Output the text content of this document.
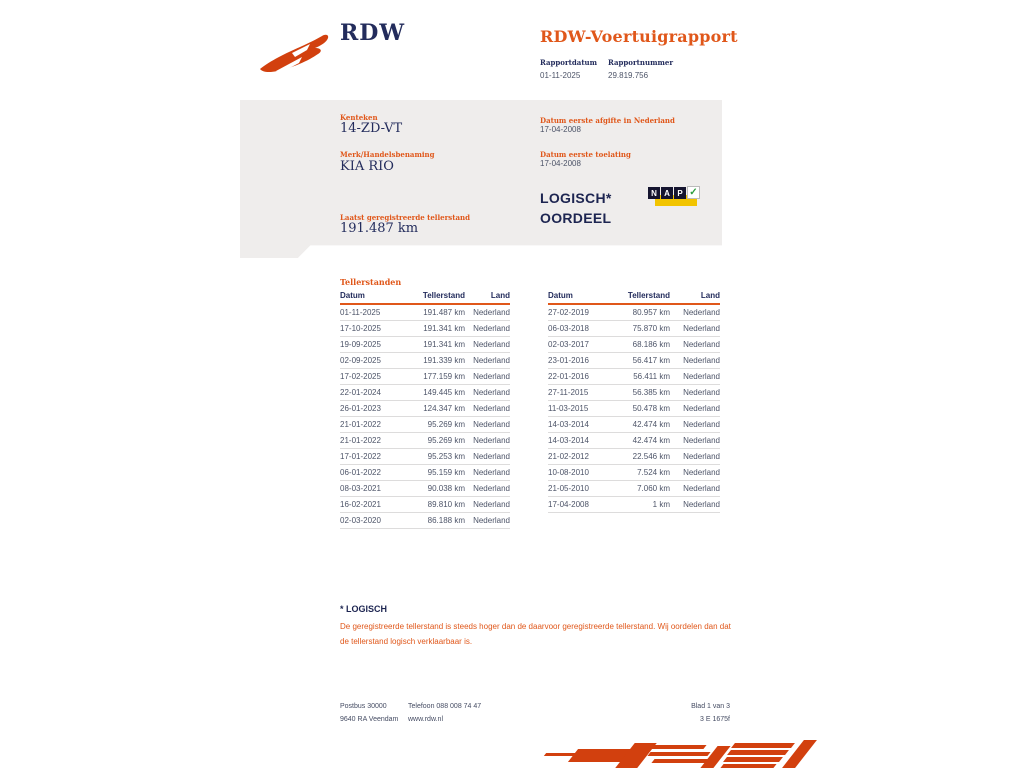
RDW	RDW-Voertuigrapport
Rapportdatum
01-11-2025
Rapportnummer
29.819.756
Kenteken
14-ZD-VT
Merk/Handelsbenaming
KIA RIO
Laatst geregistreerde tellerstand
191.487 km
Datum eerste afgifte in Nederland
17-04-2008
Datum eerste toelating
17-04-2008
LOGISCH*
OORDEEL
N A P ✓
Tellerstanden
Datum	Tellerstand	Land
01-11-2025	191.487 km	Nederland
17-10-2025	191.341 km	Nederland
19-09-2025	191.341 km	Nederland
02-09-2025	191.339 km	Nederland
17-02-2025	177.159 km	Nederland
22-01-2024	149.445 km	Nederland
26-01-2023	124.347 km	Nederland
21-01-2022	95.269 km	Nederland
21-01-2022	95.269 km	Nederland
17-01-2022	95.253 km	Nederland
06-01-2022	95.159 km	Nederland
08-03-2021	90.038 km	Nederland
16-02-2021	89.810 km	Nederland
02-03-2020	86.188 km	Nederland
Datum	Tellerstand	Land
27-02-2019	80.957 km	Nederland
06-03-2018	75.870 km	Nederland
02-03-2017	68.186 km	Nederland
23-01-2016	56.417 km	Nederland
22-01-2016	56.411 km	Nederland
27-11-2015	56.385 km	Nederland
11-03-2015	50.478 km	Nederland
14-03-2014	42.474 km	Nederland
14-03-2014	42.474 km	Nederland
21-02-2012	22.546 km	Nederland
10-08-2010	7.524 km	Nederland
21-05-2010	7.060 km	Nederland
17-04-2008	1 km	Nederland
* LOGISCH
De geregistreerde tellerstand is steeds hoger dan de daarvoor geregistreerde tellerstand. Wij oordelen dan dat de tellerstand logisch verklaarbaar is.
Postbus 30000
9640 RA Veendam
Telefoon 088 008 74 47
www.rdw.nl
Blad 1 van 3
3 E 1675f
